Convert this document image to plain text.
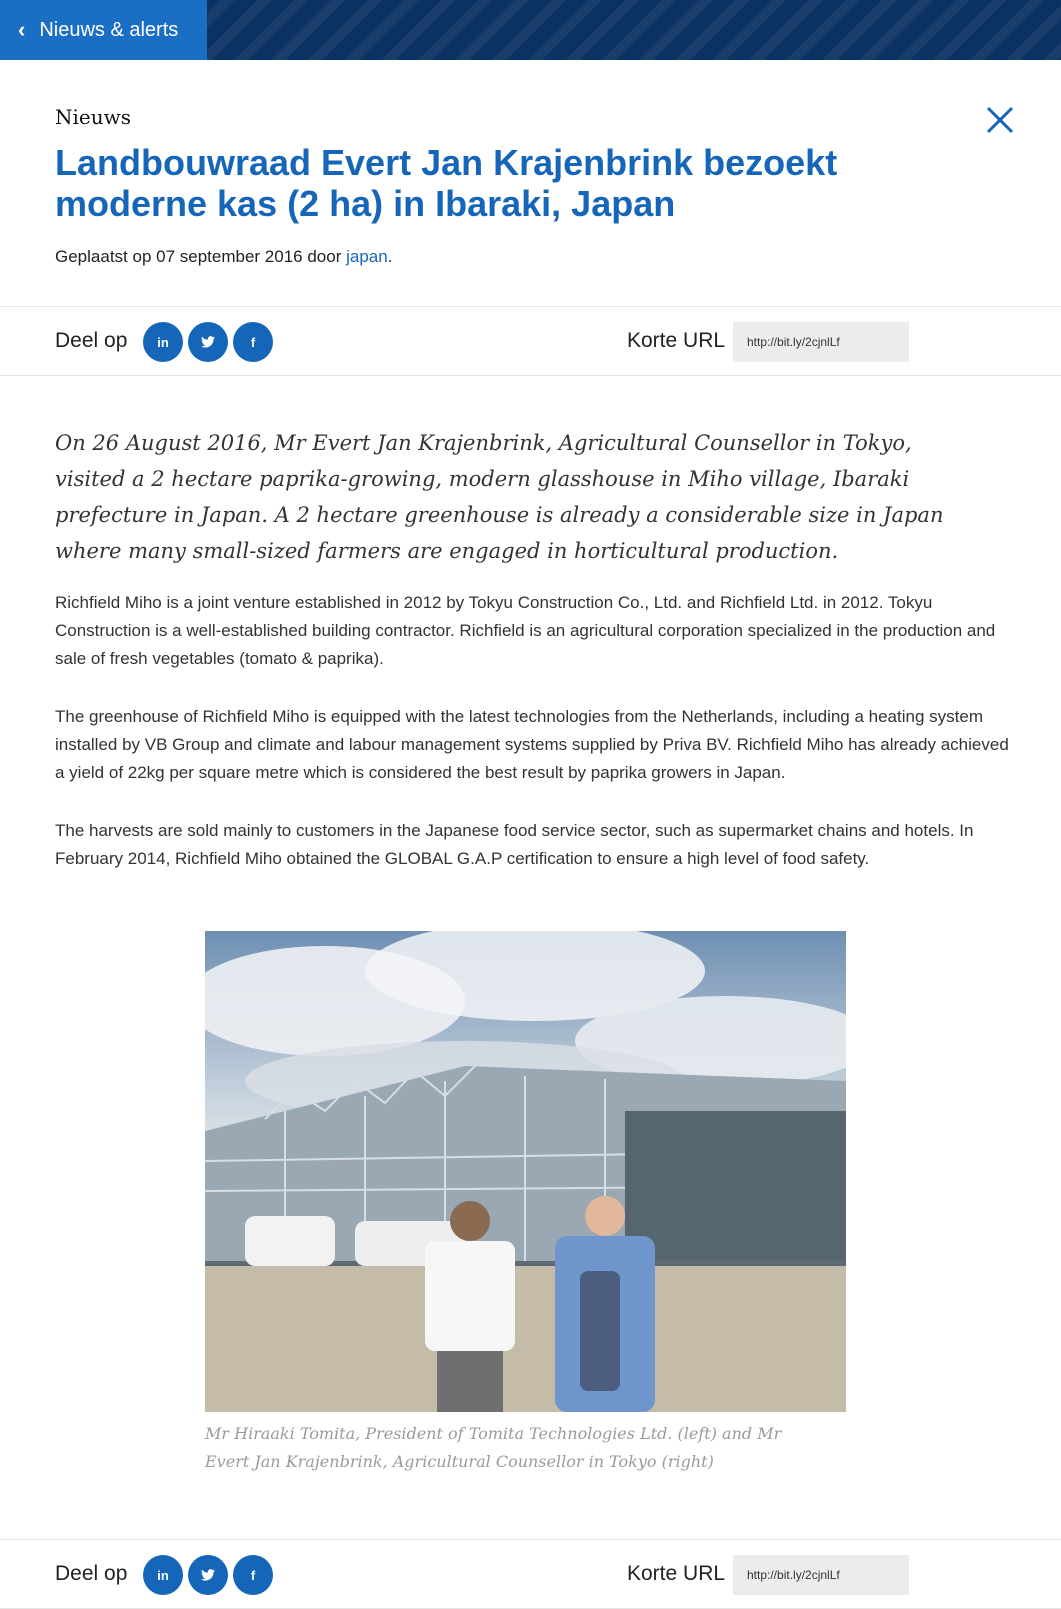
‹ Nieuws & alerts
Nieuws
Landbouwraad Evert Jan Krajenbrink bezoekt moderne kas (2 ha) in Ibaraki, Japan
Geplaatst op 07 september 2016 door japan.
Deel op in	f	Korte URL
http://bit.ly/2cjnlLf

On 26 August 2016, Mr Evert Jan Krajenbrink, Agricultural Counsellor in Tokyo, visited a 2 hectare paprika-growing, modern glasshouse in Miho village, Ibaraki prefecture in Japan. A 2 hectare greenhouse is already a considerable size in Japan where many small-sized farmers are engaged in horticultural production.

Richfield Miho is a joint venture established in 2012 by Tokyu Construction Co., Ltd. and Richfield Ltd. in 2012. Tokyu Construction is a well-established building contractor. Richfield is an agricultural corporation specialized in the production and sale of fresh vegetables (tomato & paprika).

The greenhouse of Richfield Miho is equipped with the latest technologies from the Netherlands, including a heating system installed by VB Group and climate and labour management systems supplied by Priva BV. Richfield Miho has already achieved a yield of 22kg per square metre which is considered the best result by paprika growers in Japan.

The harvests are sold mainly to customers in the Japanese food service sector, such as supermarket chains and hotels. In February 2014, Richfield Miho obtained the GLOBAL G.A.P certification to ensure a high level of food safety.

Mr Hiraaki Tomita, President of Tomita Technologies Ltd. (left) and Mr Evert Jan Krajenbrink, Agricultural Counsellor in Tokyo (right)

Deel op in	f	Korte URL
http://bit.ly/2cjnlLf
